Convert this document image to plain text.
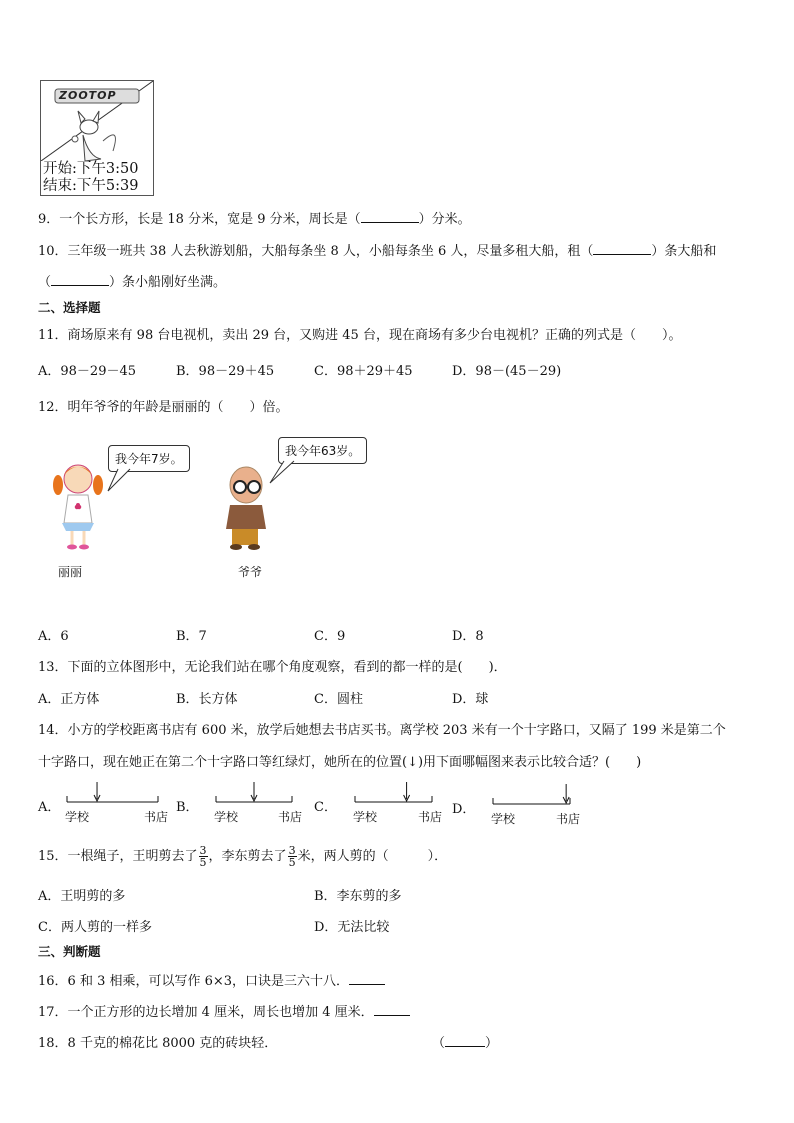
ZOOTOP
开始:下午3:50
结束:下午5:39
9．一个长方形，长是 18 分米，宽是 9 分米，周长是（	）分米。
10．三年级一班共 38 人去秋游划船，大船每条坐 8 人，小船每条坐 6 人，尽量多租大船，租（	）条大船和
（	）条小船刚好坐满。
二、选择题
11．商场原来有 98 台电视机，卖出 29 台，又购进 45 台，现在商场有多少台电视机？正确的列式是（　　）。
A．98－29－45	B．98－29＋45	C．98＋29＋45	D．98－(45－29)
12．明年爷爷的年龄是丽丽的（　　）倍。
我今年7岁。
丽丽
我今年63岁。
爷爷
A．6	B．7	C．9	D．8
13．下面的立体图形中，无论我们站在哪个角度观察，看到的都一样的是(　　)．
A．正方体	B．长方体	C．圆柱	D．球
14．小方的学校距离书店有 600 米，放学后她想去书店买书。离学校 203 米有一个十字路口，又隔了 199 米是第二个
十字路口，现在她正在第二个十字路口等红绿灯，她所在的位置(↓)用下面哪幅图来表示比较合适？(　　)
A．
学校	书店
B．
学校	书店
C．
学校	书店 D．
学校	书店
15．一根绳子，王明剪去了 $\frac{3}{5}$ ，李东剪去了 $\frac{3}{5}$ 米，两人剪的（　　　）．
A．王明剪的多	B．李东剪的多
C．两人剪的一样多	D．无法比较
三、判断题
16．6 和 3 相乘，可以写作 6×3，口诀是三六十八．
17．一个正方形的边长增加 4 厘米，周长也增加 4 厘米．
18．8 千克的棉花比 8000 克的砖块轻．	（	）
